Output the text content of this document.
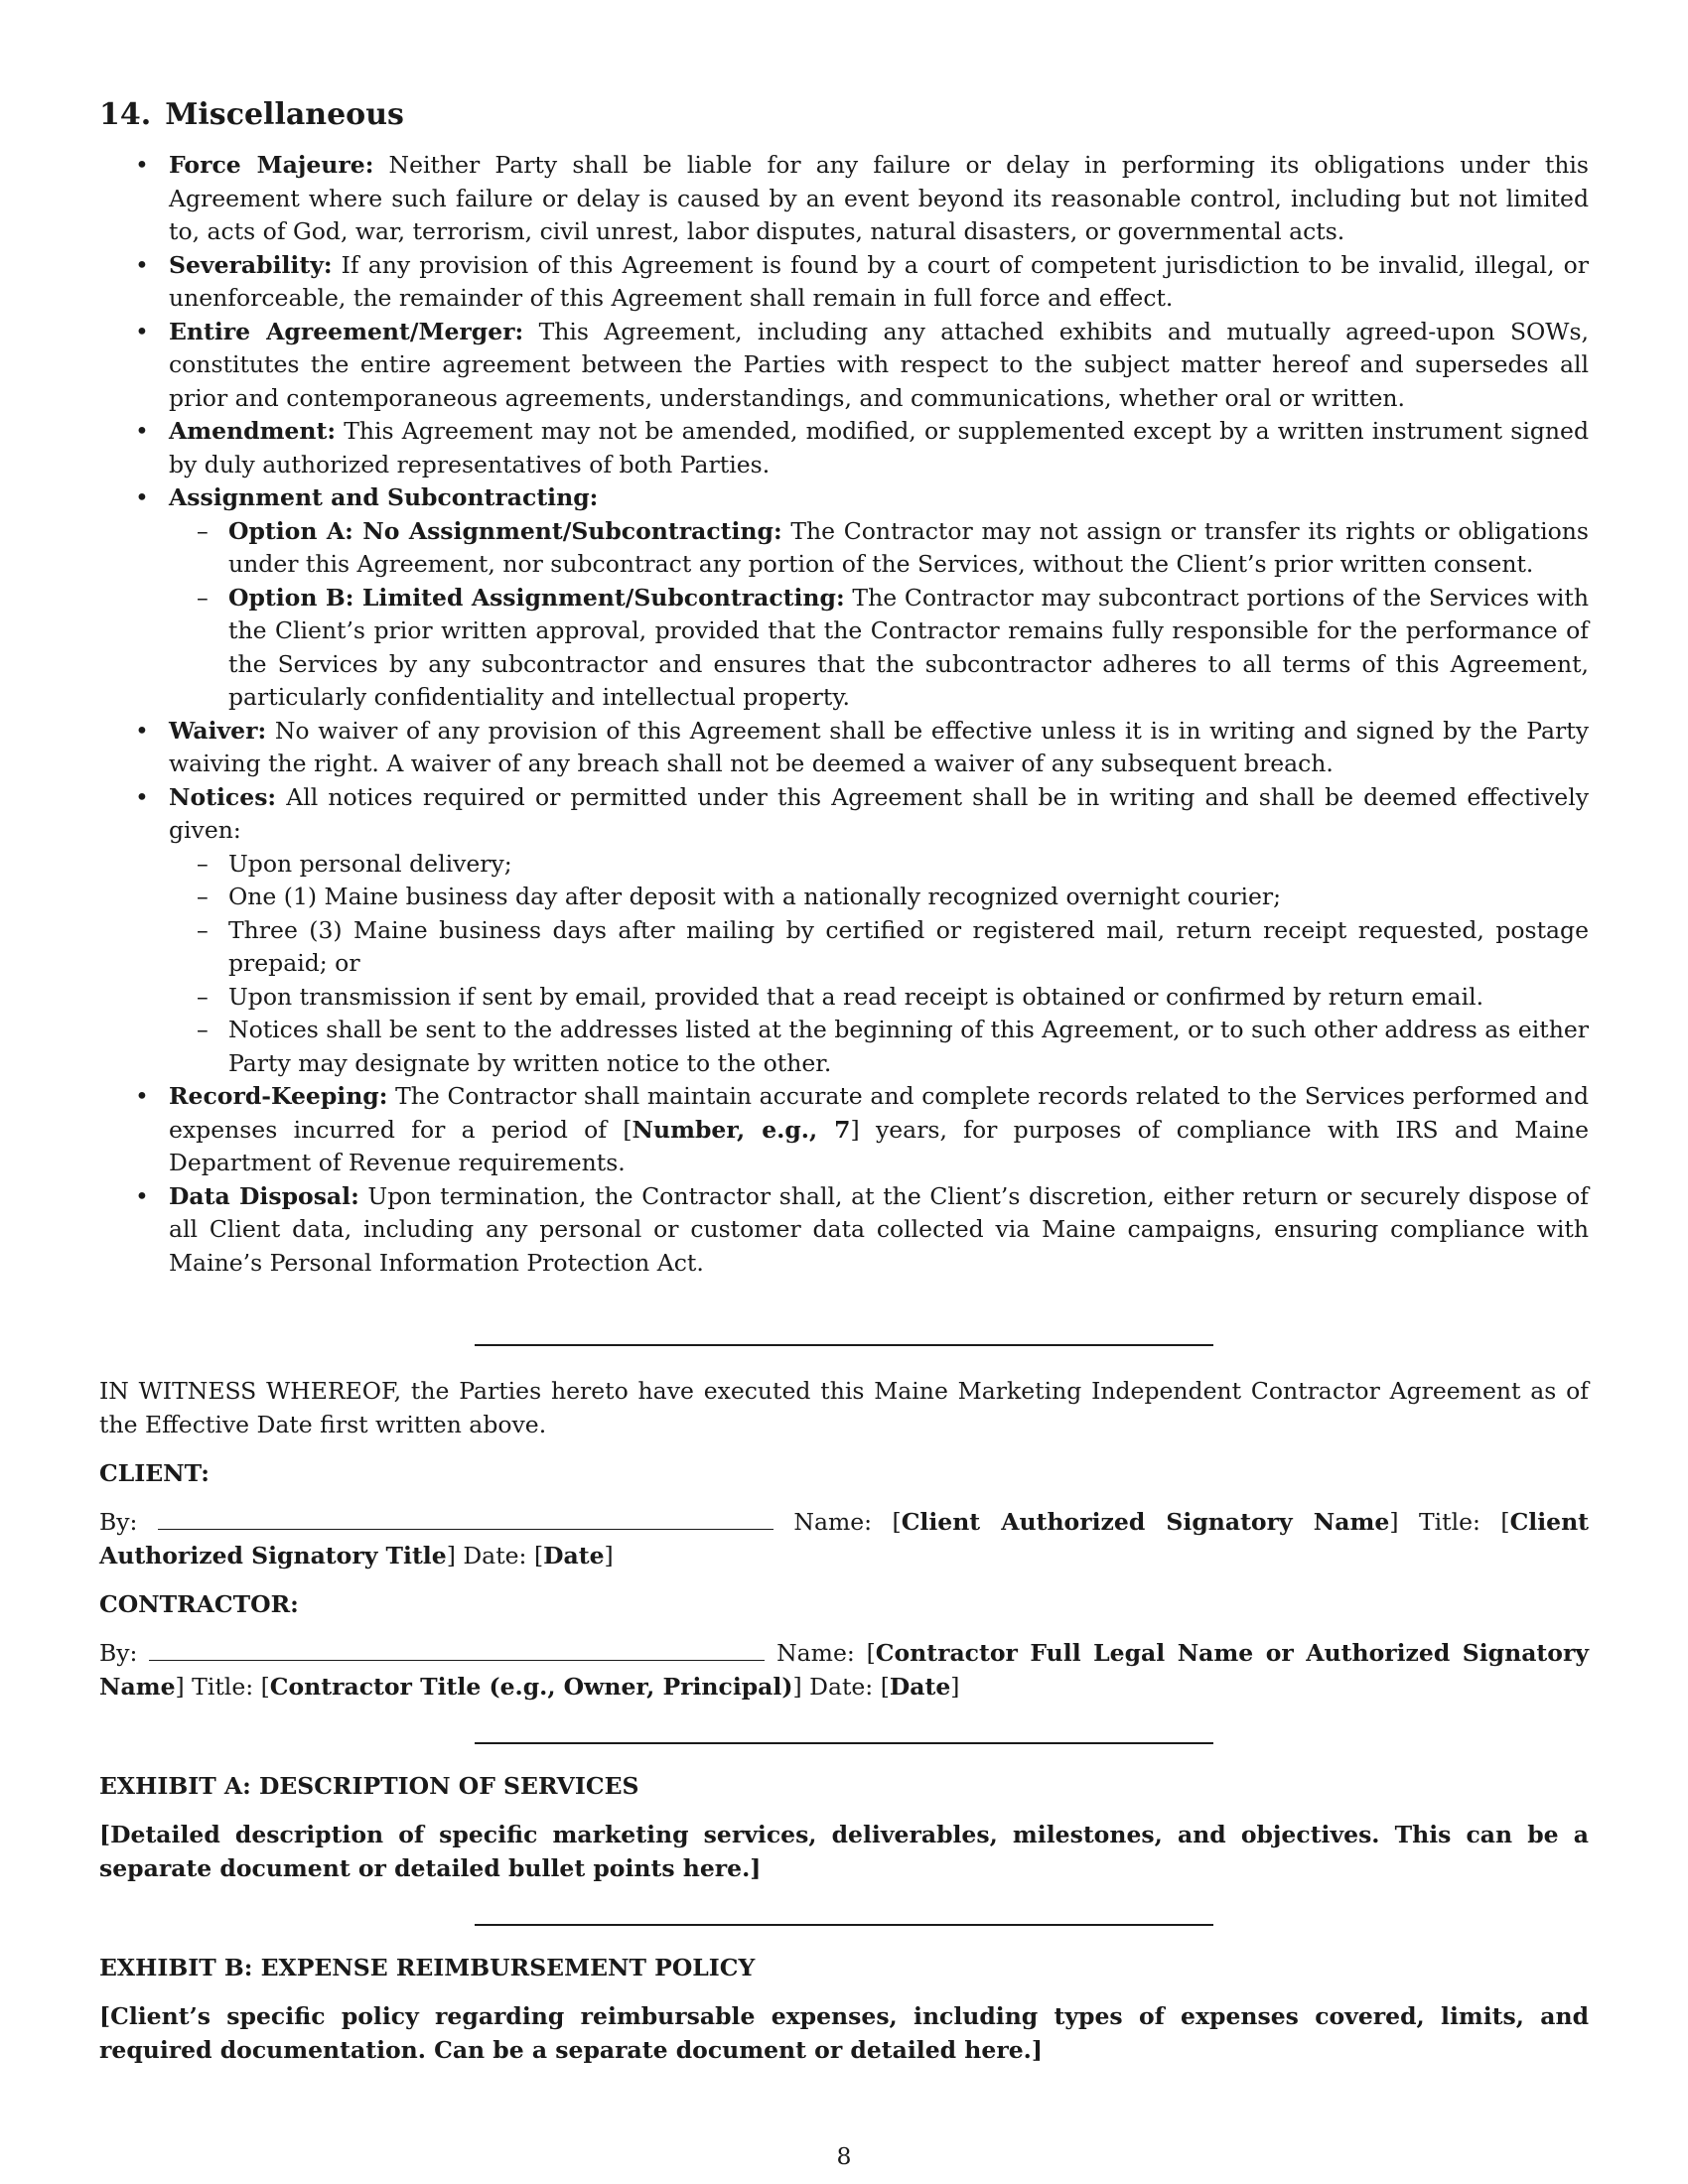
14. Miscellaneous
• Force Majeure: Neither Party shall be liable for any failure or delay in performing its obligations under this Agreement where such failure or delay is caused by an event beyond its reasonable control, including but not limited to, acts of God, war, terrorism, civil unrest, labor disputes, natural disasters, or governmental acts.
• Severability: If any provision of this Agreement is found by a court of competent jurisdiction to be invalid, illegal, or unenforceable, the remainder of this Agreement shall remain in full force and effect.
• Entire Agreement/Merger: This Agreement, including any attached exhibits and mutually agreed-upon SOWs, constitutes the entire agreement between the Parties with respect to the subject matter hereof and supersedes all prior and contemporaneous agreements, understandings, and communications, whether oral or written.
• Amendment: This Agreement may not be amended, modified, or supplemented except by a written instrument signed by duly authorized representatives of both Parties.
• Assignment and Subcontracting:
– Option A: No Assignment/Subcontracting: The Contractor may not assign or transfer its rights or obligations under this Agreement, nor subcontract any portion of the Services, without the Client’s prior written consent.
– Option B: Limited Assignment/Subcontracting: The Contractor may subcontract portions of the Services with the Client’s prior written approval, provided that the Contractor remains fully responsible for the performance of the Services by any subcontractor and ensures that the subcontractor adheres to all terms of this Agreement, particularly confidentiality and intellectual property.
• Waiver: No waiver of any provision of this Agreement shall be effective unless it is in writing and signed by the Party waiving the right. A waiver of any breach shall not be deemed a waiver of any subsequent breach.
• Notices: All notices required or permitted under this Agreement shall be in writing and shall be deemed effectively given:
– Upon personal delivery;
– One (1) Maine business day after deposit with a nationally recognized overnight courier;
– Three (3) Maine business days after mailing by certified or registered mail, return receipt requested, postage prepaid; or
– Upon transmission if sent by email, provided that a read receipt is obtained or confirmed by return email.
– Notices shall be sent to the addresses listed at the beginning of this Agreement, or to such other address as either Party may designate by written notice to the other.
• Record-Keeping: The Contractor shall maintain accurate and complete records related to the Services performed and expenses incurred for a period of [Number, e.g., 7] years, for purposes of compliance with IRS and Maine Department of Revenue requirements.
• Data Disposal: Upon termination, the Contractor shall, at the Client’s discretion, either return or securely dispose of all Client data, including any personal or customer data collected via Maine campaigns, ensuring compliance with Maine’s Personal Information Protection Act.

IN WITNESS WHEREOF, the Parties hereto have executed this Maine Marketing Independent Contractor Agreement as of the Effective Date first written above.

CLIENT:

By:	Name: [Client Authorized Signatory Name] Title: [Client Authorized Signatory Title] Date: [Date]

CONTRACTOR:

By:	Name: [Contractor Full Legal Name or Authorized Signatory Name] Title: [Contractor Title (e.g., Owner, Principal)] Date: [Date]

EXHIBIT A: DESCRIPTION OF SERVICES

[Detailed description of specific marketing services, deliverables, milestones, and objectives. This can be a separate document or detailed bullet points here.]

EXHIBIT B: EXPENSE REIMBURSEMENT POLICY

[Client’s specific policy regarding reimbursable expenses, including types of expenses covered, limits, and required documentation. Can be a separate document or detailed here.]

8
